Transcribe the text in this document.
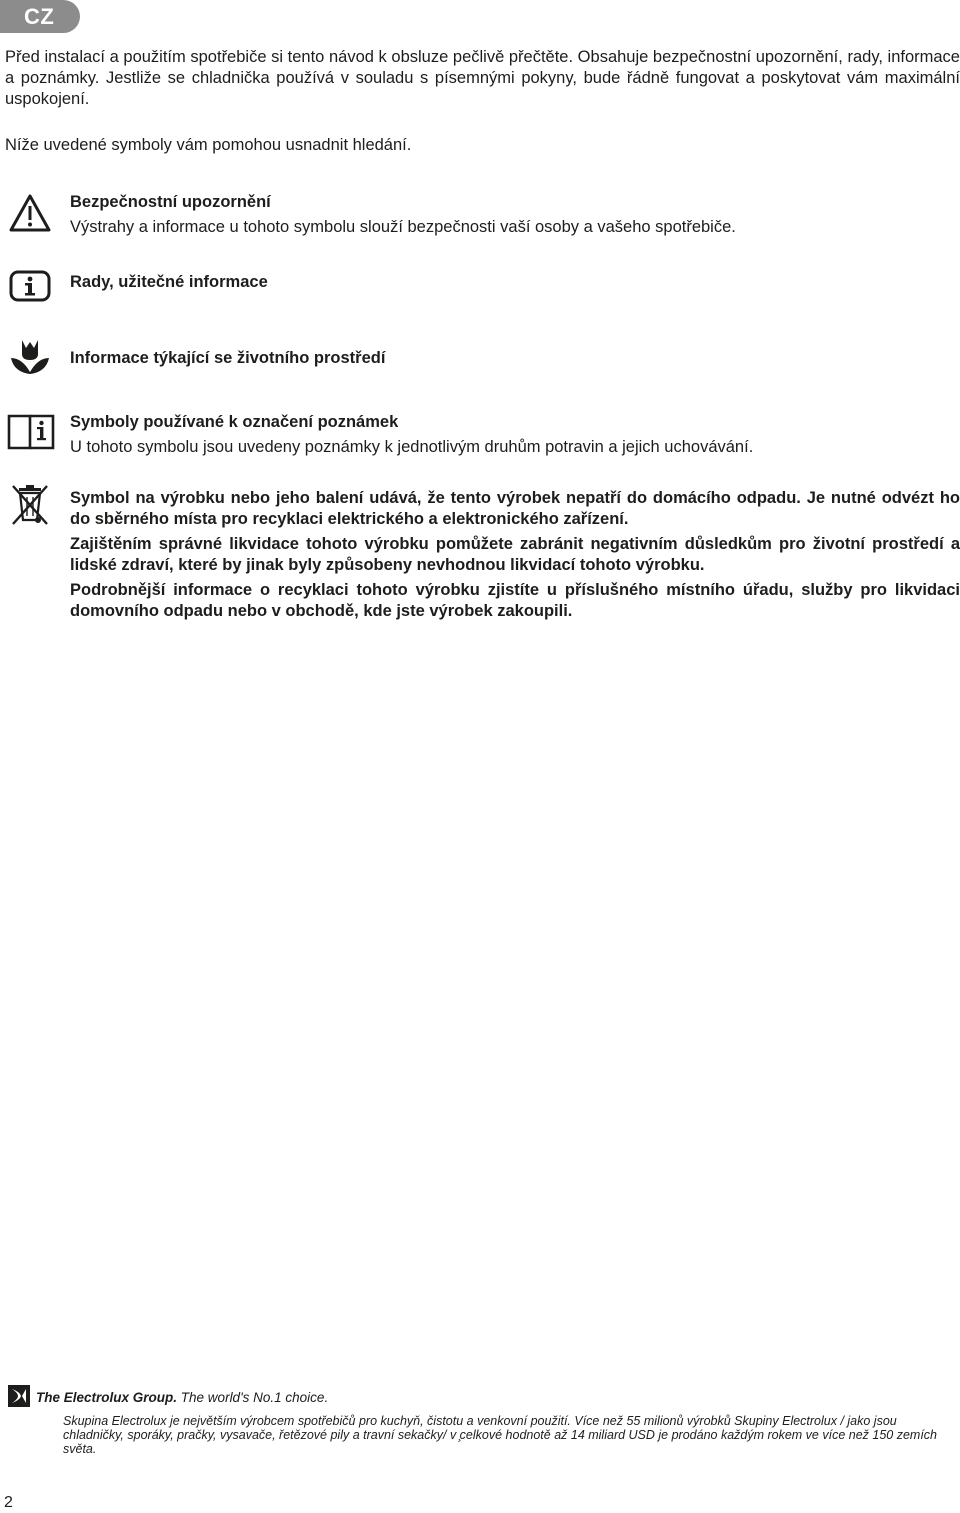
CZ

Před instalací a použitím spotřebiče si tento návod k obsluze pečlivě přečtěte. Obsahuje bezpečnostní upozornění, rady, informace a poznámky. Jestliže se chladnička používá v souladu s písemnými pokyny, bude řádně fungovat a poskytovat vám maximální uspokojení.

Níže uvedené symboly vám pomohou usnadnit hledání.

Bezpečnostní upozornění

Výstrahy a informace u tohoto symbolu slouží bezpečnosti vaší osoby a vašeho spotřebiče.

Rady, užitečné informace

Informace týkající se životního prostředí

Symboly používané k označení poznámek

U tohoto symbolu jsou uvedeny poznámky k jednotlivým druhům potravin a jejich uchovávání.

Symbol na výrobku nebo jeho balení udává, že tento výrobek nepatří do domácího odpadu. Je nutné odvézt ho do sběrného místa pro recyklaci elektrického a elektronického zařízení.

Zajištěním správné likvidace tohoto výrobku pomůžete zabránit negativním důsledkům pro životní prostředí a lidské zdraví, které by jinak byly způsobeny nevhodnou likvidací tohoto výrobku.

Podrobnější informace o recyklaci tohoto výrobku zjistíte u příslušného místního úřadu, služby pro likvidaci domovního odpadu nebo v obchodě, kde jste výrobek zakoupili.

The Electrolux Group. The world's No.1 choice.
Skupina Electrolux je největším výrobcem spotřebičů pro kuchyň, čistotu a venkovní použití. Více než 55 milionů výrobků Skupiny Electrolux / jako jsou chladničky, sporáky, pračky, vysavače, řetězové pily a travní sekačky/ v ̧celkové hodnotě až 14 miliard USD je prodáno každým rokem ve více než 150 zemích světa.
2
